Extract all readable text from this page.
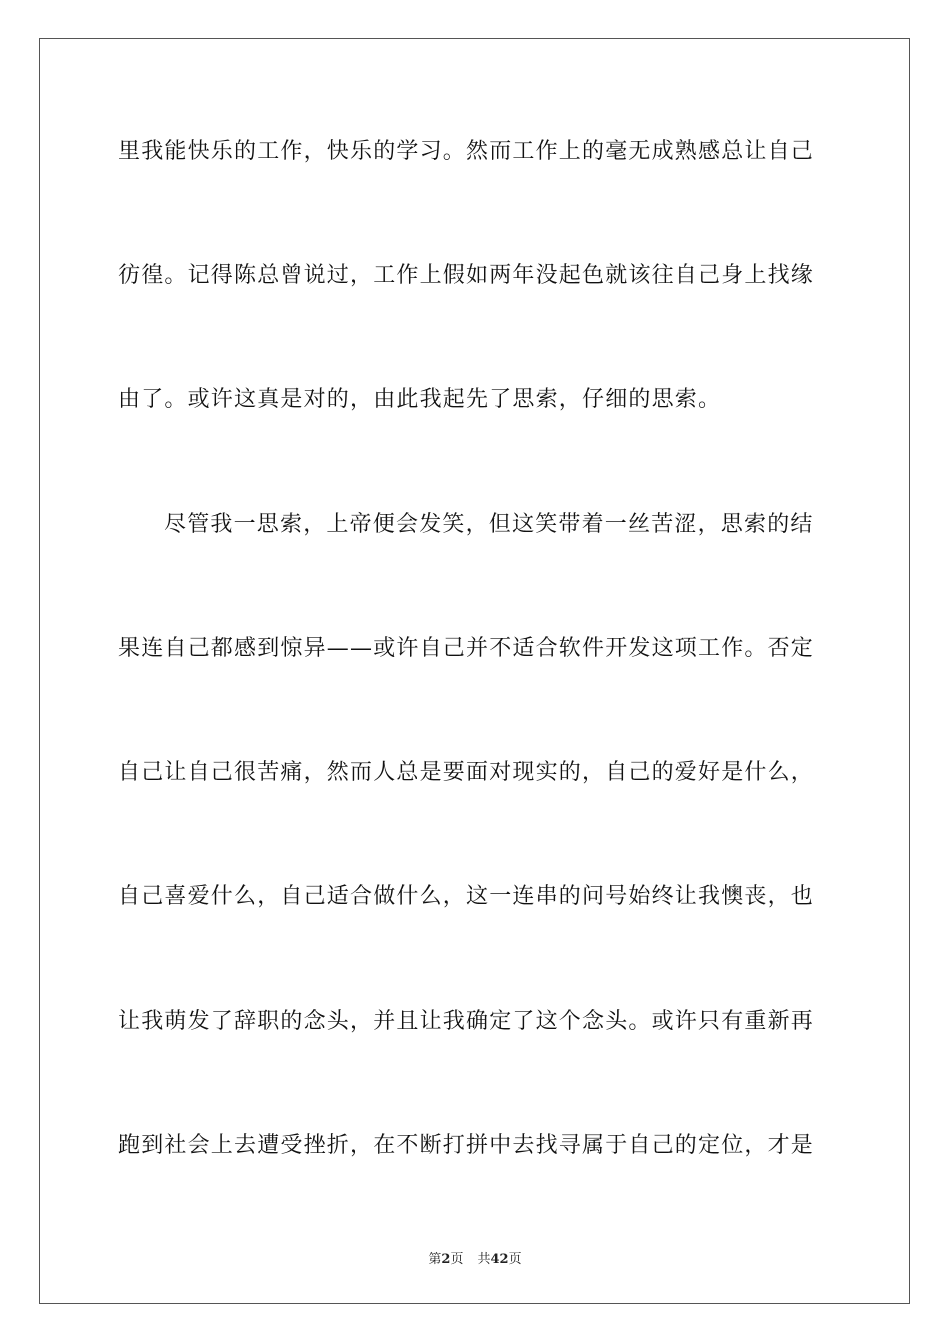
里我能快乐的工作，快乐的学习。然而工作上的毫无成熟感总让自己
彷徨。记得陈总曾说过，工作上假如两年没起色就该往自己身上找缘
由了。或许这真是对的，由此我起先了思索，仔细的思索。
尽管我一思索，上帝便会发笑，但这笑带着一丝苦涩，思索的结
果连自己都感到惊异——或许自己并不适合软件开发这项工作。否定
自己让自己很苦痛，然而人总是要面对现实的，自己的爱好是什么，
自己喜爱什么，自己适合做什么，这一连串的问号始终让我懊丧，也
让我萌发了辞职的念头，并且让我确定了这个念头。或许只有重新再
跑到社会上去遭受挫折，在不断打拼中去找寻属于自己的定位，才是
第2页 共42页
